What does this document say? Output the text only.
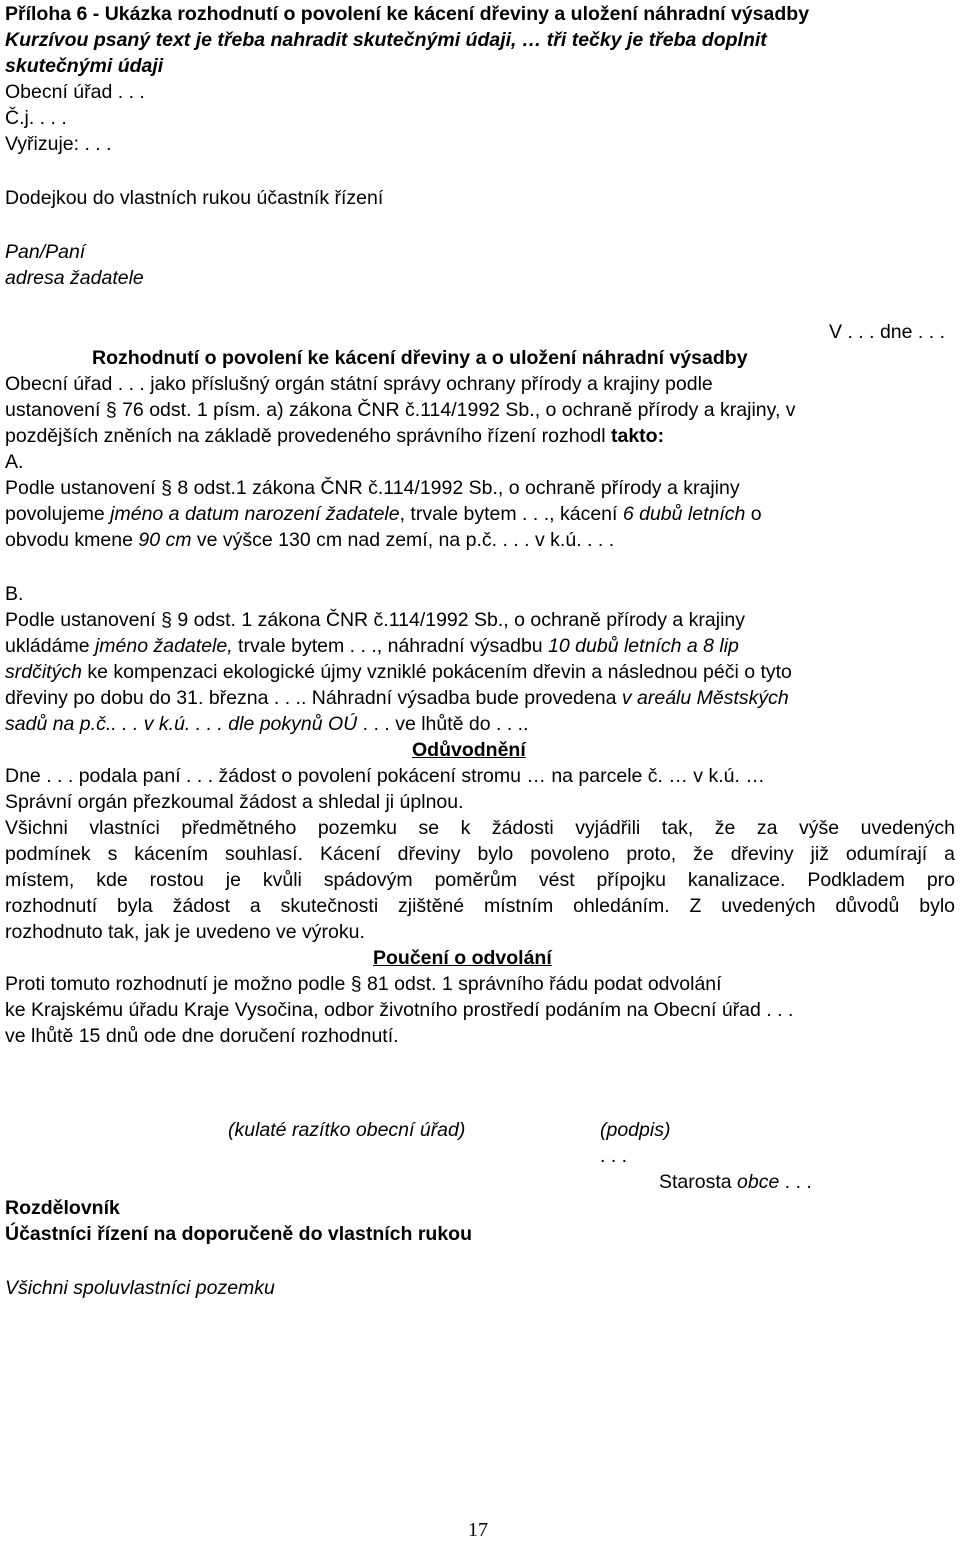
Příloha 6 - Ukázka rozhodnutí o povolení ke kácení dřeviny a uložení náhradní výsadby
Kurzívou psaný text je třeba nahradit skutečnými údaji, … tři tečky je třeba doplnit
skutečnými údaji
Obecní úřad . . .
Č.j. . . .
Vyřizuje: . . .
Dodejkou do vlastních rukou účastník řízení
Pan/Paní
adresa žadatele
V . . . dne . . .
Rozhodnutí o povolení ke kácení dřeviny a o uložení náhradní výsadby
Obecní úřad . . . jako příslušný orgán státní správy ochrany přírody a krajiny podle
ustanovení § 76 odst. 1 písm. a) zákona ČNR č.114/1992 Sb., o ochraně přírody a krajiny, v
pozdějších zněních na základě provedeného správního řízení rozhodl takto:
A.
Podle ustanovení § 8 odst.1 zákona ČNR č.114/1992 Sb., o ochraně přírody a krajiny
povolujeme jméno a datum narození žadatele, trvale bytem . . ., kácení 6 dubů letních o
obvodu kmene 90 cm ve výšce 130 cm nad zemí, na p.č. . . . v k.ú. . . .
B.
Podle ustanovení § 9 odst. 1 zákona ČNR č.114/1992 Sb., o ochraně přírody a krajiny
ukládáme jméno žadatele, trvale bytem . . ., náhradní výsadbu 10 dubů letních a 8 lip
srdčitých ke kompenzaci ekologické újmy vzniklé pokácením dřevin a následnou péči o tyto
dřeviny po dobu do 31. března . . .. Náhradní výsadba bude provedena v areálu Městských
sadů na p.č.. . . v k.ú. . . . dle pokynů OÚ . . . ve lhůtě do . . ..
Odůvodnění
Dne . . . podala paní . . . žádost o povolení pokácení stromu … na parcele č. … v k.ú. …
Správní orgán přezkoumal žádost a shledal ji úplnou.
Všichni vlastníci předmětného pozemku se k žádosti vyjádřili tak, že za výše uvedených
podmínek s kácením souhlasí. Kácení dřeviny bylo povoleno proto, že dřeviny již odumírají a
místem, kde rostou je kvůli spádovým poměrům vést přípojku kanalizace. Podkladem pro
rozhodnutí byla žádost a skutečnosti zjištěné místním ohledáním. Z uvedených důvodů bylo
rozhodnuto tak, jak je uvedeno ve výroku.
Poučení o odvolání
Proti tomuto rozhodnutí je možno podle § 81 odst. 1 správního řádu podat odvolání
ke Krajskému úřadu Kraje Vysočina, odbor životního prostředí podáním na Obecní úřad . . .
ve lhůtě 15 dnů ode dne doručení rozhodnutí.
(kulaté razítko obecní úřad)	(podpis)
. . .
Starosta obce . . .
Rozdělovník
Účastníci řízení na doporučeně do vlastních rukou
Všichni spoluvlastníci pozemku
17
